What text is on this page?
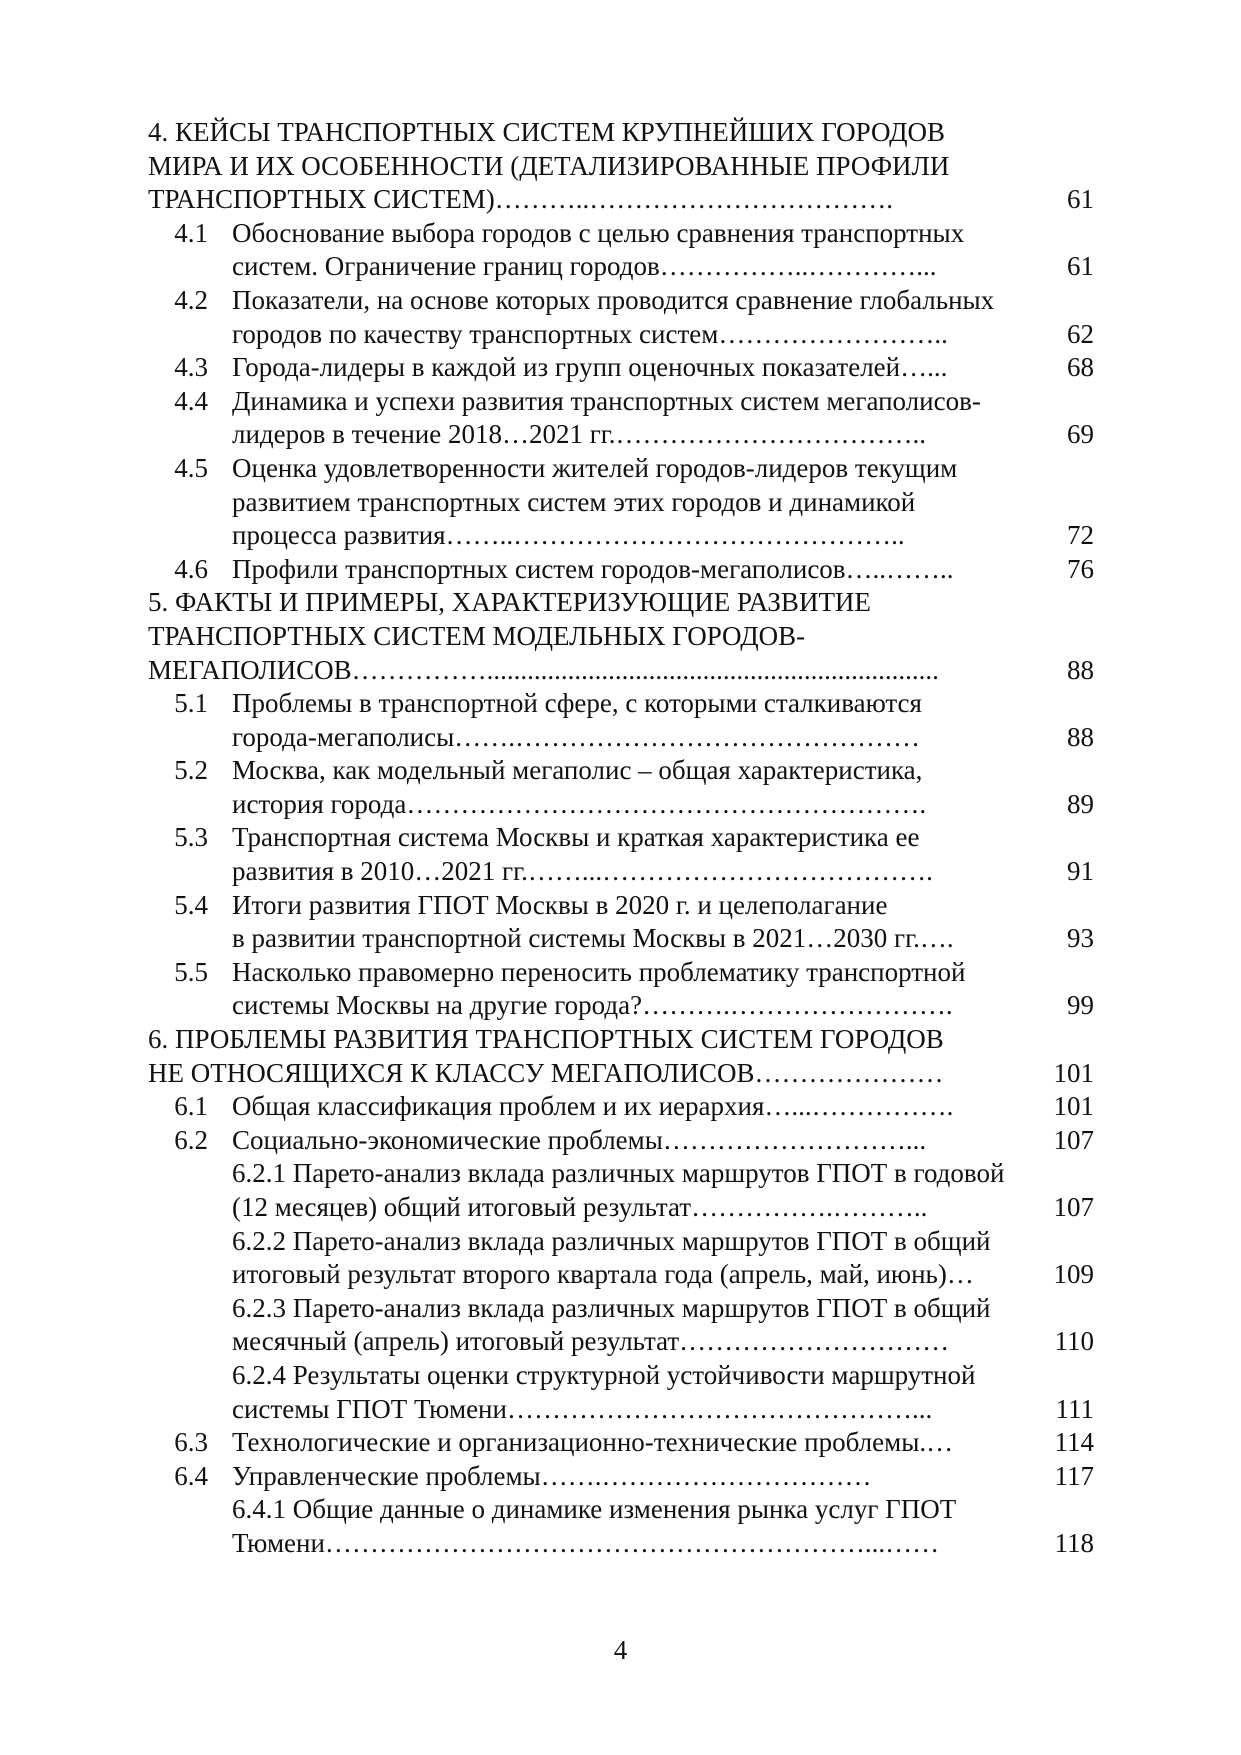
4. КЕЙСЫ ТРАНСПОРТНЫХ СИСТЕМ КРУПНЕЙШИХ ГОРОДОВ
МИРА И ИХ ОСОБЕННОСТИ (ДЕТАЛИЗИРОВАННЫЕ ПРОФИЛИ
ТРАНСПОРТНЫХ СИСТЕМ)………..…………………………….	61
4.1 Обоснование выбора городов с целью сравнения транспортных
систем. Ограничение границ городов……………..…………...	61
4.2 Показатели, на основе которых проводится сравнение глобальных
городов по качеству транспортных систем……………………..	62
4.3 Города-лидеры в каждой из групп оценочных показателей…...	68
4.4 Динамика и успехи развития транспортных систем мегаполисов-
лидеров в течение 2018…2021 гг.……………………………..	69
4.5 Оценка удовлетворенности жителей городов-лидеров текущим
развитием транспортных систем этих городов и динамикой
процесса развития……..……………………………………..	72
4.6 Профили транспортных систем городов-мегаполисов…..……..	76
5. ФАКТЫ И ПРИМЕРЫ, ХАРАКТЕРИЗУЮЩИЕ РАЗВИТИЕ
ТРАНСПОРТНЫХ СИСТЕМ МОДЕЛЬНЫХ ГОРОДОВ-
МЕГАПОЛИСОВ……………...................................................................	88
5.1 Проблемы в транспортной сфере, с которыми сталкиваются
города-мегаполисы…….………………………………………	88
5.2 Москва, как модельный мегаполис – общая характеристика,
история города………………………………………………….	89
5.3 Транспортная система Москвы и краткая характеристика ее
развития в 2010…2021 гг.……...……………………………….	91
5.4 Итоги развития ГПОТ Москвы в 2020 г. и целеполагание
в развитии транспортной системы Москвы в 2021…2030 гг.….	93
5.5 Насколько правомерно переносить проблематику транспортной
системы Москвы на другие города?……….…………………….	99
6. ПРОБЛЕМЫ РАЗВИТИЯ ТРАНСПОРТНЫХ СИСТЕМ ГОРОДОВ
НЕ ОТНОСЯЩИХСЯ К КЛАССУ МЕГАПОЛИСОВ…………………	101
6.1 Общая классификация проблем и их иерархия…...…………….	101
6.2 Социально-экономические проблемы………………………...	107
6.2.1 Парето-анализ вклада различных маршрутов ГПОТ в годовой
(12 месяцев) общий итоговый результат…………….………..	107
6.2.2 Парето-анализ вклада различных маршрутов ГПОТ в общий
итоговый результат второго квартала года (апрель, май, июнь)…	109
6.2.3 Парето-анализ вклада различных маршрутов ГПОТ в общий
месячный (апрель) итоговый результат…………………………	110
6.2.4 Результаты оценки структурной устойчивости маршрутной
системы ГПОТ Тюмени………………………………………...	111
6.3 Технологические и организационно-технические проблемы.…	114
6.4 Управленческие проблемы…….…………………………	117
6.4.1 Общие данные о динамике изменения рынка услуг ГПОТ
Тюмени……………………………………………………...……	118
4
